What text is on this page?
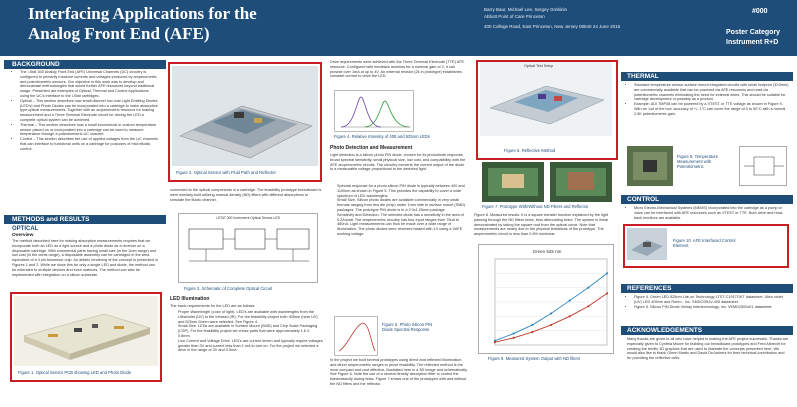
Interfacing Applications for the
Analog Front End (AFE)
Barry Baur, Michael Lee, Sergey Grebinin
Abbott Point of Care Princeton
400 College Road, East Princeton, New Jersey 08540 24 June 2016
#000
Poster Category
Instrument R+D
BACKGROUND
• The i-Stat 300 Analog Front End (AFE) Universal Channels (UC) circuitry is configured to primarily measure currents and voltages produced by amperometric and potentiometric sensors. Our objective in this work was to develop and demonstrate methodologies that would further AFE resources beyond traditional usage. Presented are examples of Optical, Thermal and Control Applications using the UC's interface to the i-Stat cartridges.
• Optical – This section describes how small discreet low cost Light Emitting Diodes (LED's) and Photo Diodes can be incorporated into a cartridge to make absorptive type optical measurements. Together with an amperometric resource for making measurement and a Three Terminal Electrode circuit for driving the LED a complete optical system can be achieved.
• Thermal – This section describes how a small economical or custom temperature sensor placed on or incorporated into a cartridge can be used to measure temperature through a potentiometric UC channel.
• Control – This section describes the use of applied voltages from the UC channels that can interface to functional units on a cartridge for purposes of microfluidic control.
METHODS and RESULTS
OPTICAL
Overview
The method described here for making absorption measurements requires that we incorporate both an LED as a light source and a photo diode as a receiver on a disposable cartridge. With commercial parts having small size (in the 1mm range) and low cost (in the cents range), a disposable assembly can be cartridged in the area equivalent of a 4 pin biosensor chip. An artistic rendering of the concept is presented in Figures 1 and 2. While we show this for only a single LED and diode, the method can be extended to multiple devices and even matrices. The method can also be implemented with integration on a silicon substrate.
Figure 1. Optical Sensor PCB showing LED and Photo Diode
Figure 2. Optical Sensor with Fluid Path and Reflector
connected to the optical components in a cartridge. The feasibility prototype breadboard is were similarly built utilizing manual density (ND) filters with different absorptions to simulate the fluidic channel.
i-STAT 300 Instrument Optical Sensor LED
Figure 3. Schematic of Complete Optical Circuit
LED Illumination
The basic requirements for the LED are as follows:
• Proper Wavelength (color of light). LED's are available with wavelengths from the Ultraviolet (UV) to the Infrared (IR). For the feasibility project both 405nm (near UV) and 525nm Green were selected. See Figure 4.
• Small Size. LEDs are available in Surface Mount (SMD) and Chip Scale Packaging (CSP). For the feasibility project we chose parts that were approximately 1.6 X 0.8mm.
• Low Current and Voltage Drive. LED's are current driven and typically require voltages greater than 3V and current less than 1 mA to turn on. For the project we selected a drive in the range of 3V and 0.5mA.
Drive requirements were achieved with the Three Terminal Electrode (TTE) AFE resource. Configured with feedback resistors for a nominal gain of 2, it can provide over 1mA at up to 4V. An external resistor (2k in prototype) establishes constant current to drive the LED.
Figure 4. Relative Intensity of 405 and 525nm LEDs
Photo Detection and Measurement
Light detection is a silicon photo PIN diode, chosen for its photodiode response, broad spectral sensitivity, small physical size, low cost, and compatibility with the AFE amperometric circuits. The circuitry converts the current output of the diode to a measurable voltage proportional to the detected light.
• Spectral response for a photo silicon PIN diode is typically between 400 and 1100nm as shown in Figure 5. This provides the capability to cover a wide spectrum of LED wavelengths.
• Small Size. Silicon photo diodes are available commercially in very small formats ranging from few die (chip) under 1mm side to surface mount (SMD) packages. The prototype PIN diode is in a 2.0x1.25mm package.
• Sensitivity and Detection. The selected diode has a sensitivity in the area of 0.2A/watt. The amperometric circuitry has four input ranges from 75nA to 480nA. Light measurements can thus be made over a wide range of illumination. The photo diodes were reversed biased with 1V using a VAFE working voltage.
Figure 5. Photo Silicon PIN Diode Spectral Response
In the project we built several prototypes using direct and reflected illumination and direct amperometric ranges to prove feasibility. The reflected method is the most compact and cost effective, illustrated here in a 3D image and schematically. See Figure 6. Note the use of a neutral density absorption filter to control the transmissivity during tests. Figure 7 shows one of the prototypes with and without the ND filters and the reflector.
Optical Test Setup
Figure 6. Reflective Method
Figure 7. Prototype With/Without ND Filters and Reflector
Figure 8. Measured results. It is a square transfer function explained by the light passing through the ND filters twice, thus attenuating twice. The system is linear demonstrated by taking the square root from the optical curve. Note that measurements are nearly due to the physical limitations of the prototype. The amperometric circuit is less than 0.6% nonlinear.
Green 525 nm
Figure 8. Measured System Output with ND filters
THERMAL
• Standard temperature sensor surface mount integrated circuits with small footprint (3X3mm) are commercially available that can be powered via AFE resources and read via potentiometric channels eliminating the need for external wires. This should be suitable for cartridge development or possibly as a product.
• Example: ADI TMP35 can be powered by a VTEST or TTE voltage as shown in Figure 9. With an 'out of the box' accuracy of +/- 1°C can cover the range of 0 to 50°C with a normal 2.5K potentiometric gain.
Figure 9. Temperature Measurement with Potentiometric
CONTROL
• Micro Electro-Mechanical Systems (MEMS) incorporated into the cartridge as a pump or valve can be interfaced with AFE resources such as VTEST or TTE. Both drive and read-back monitors are available.
Figure 10. AFE Interfaced Control Element
REFERENCES
• Figure 4. Green LED 525nm Lite-on Technology LTST-C191TGKT datasheet. Ultra-violet (UV) LED 405nm and Rohm - Inc. SMDC05UV-405 datasheet.
• Figure 5. Silicon PIN Diode Vishay Intertechnology, Inc. VEMD2500x01 datasheet.
ACKNOWLEDGEMENTS
Many thanks are given to all who have helped in making the AFE project successful. Thanks are especially given to Cynthia Moore for building our breadboard prototypes and Fred Albrecht for creating the terrific 3D graphics that are used to illustrate the concepts presented here. We would also like to thank Glenn Martin and David DeJonkers for their technical contribution and for providing the reflective cells.
